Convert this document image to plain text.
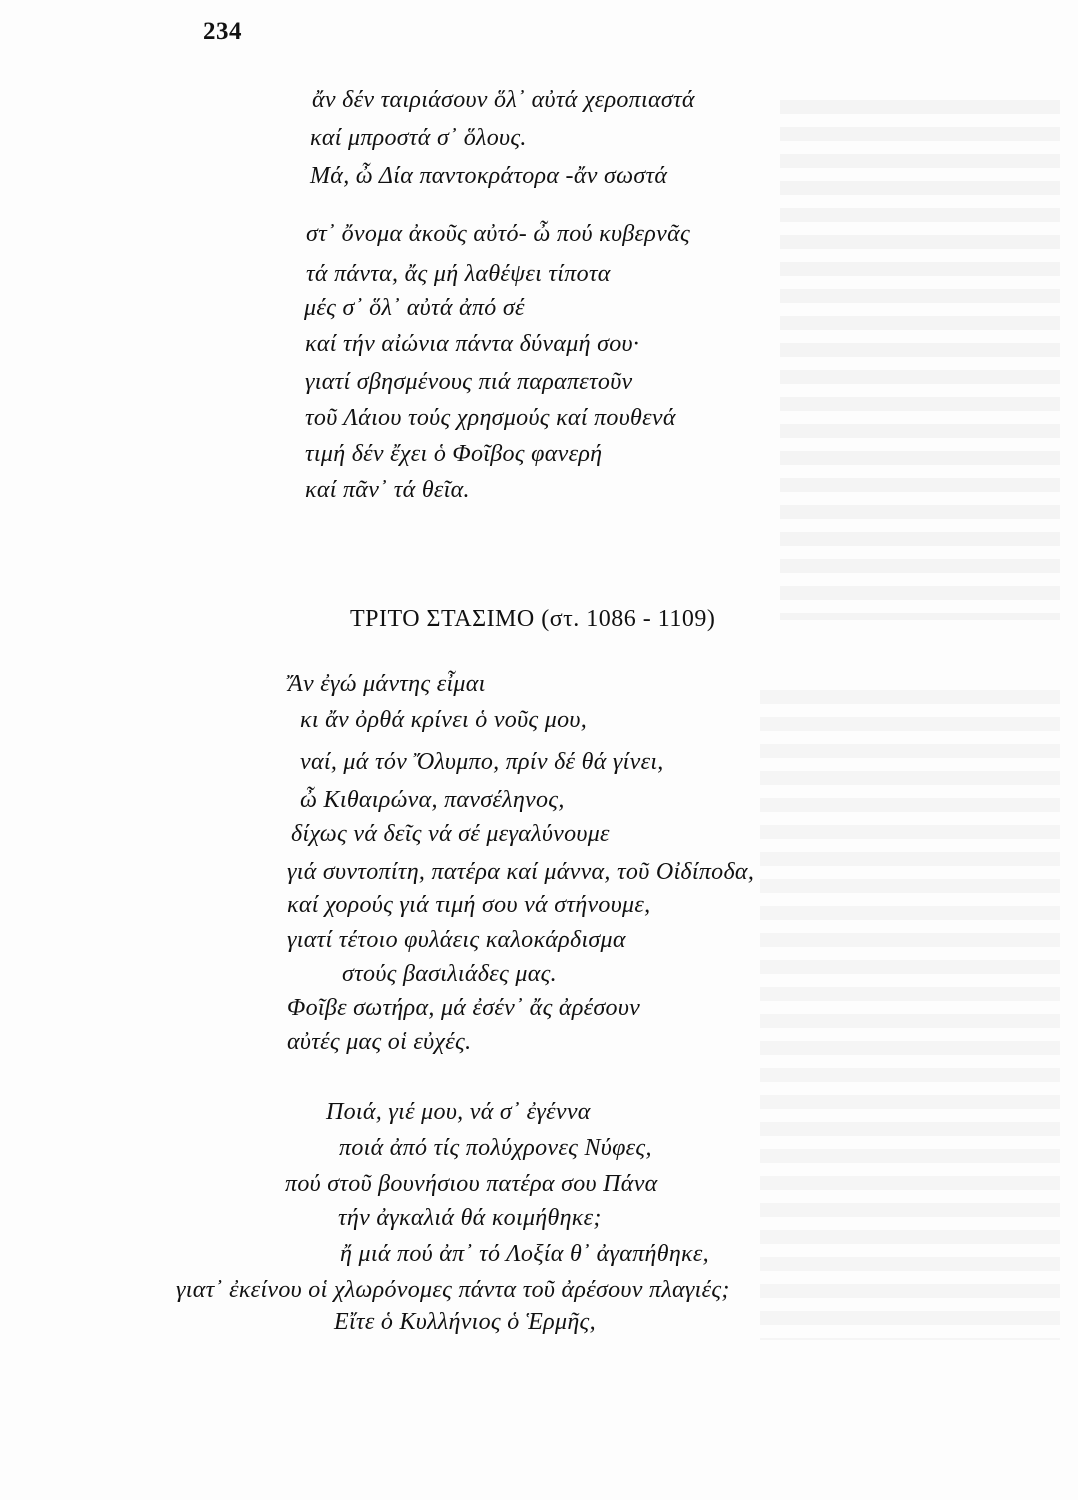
234
ἄν δέν ταιριάσουν ὅλ᾿ αὐτά χεροπιαστά
καί μπροστά σ᾿ ὅλους.
Μά, ὦ Δία παντοκράτορα -ἄν σωστά
στ᾿ ὄνομα ἀκοῦς αὐτό- ὦ πού κυβερνᾶς
τά πάντα, ἄς μή λαθέψει τίποτα
μές σ᾿ ὅλ᾿ αὐτά ἀπό σέ
καί τήν αἰώνια πάντα δύναμή σου·
γιατί σβησμένους πιά παραπετοῦν
τοῦ Λάιου τούς χρησμούς καί πουθενά
τιμή δέν ἔχει ὁ Φοῖβος φανερή
καί πᾶν᾿ τά θεῖα.
ΤΡΙΤΟ ΣΤΑΣΙΜΟ (στ. 1086 - 1109)
Ἄν ἐγώ μάντης εἶμαι
κι ἄν ὀρθά κρίνει ὁ νοῦς μου,
ναί, μά τόν Ὄλυμπο, πρίν δέ θά γίνει,
ὦ Κιθαιρώνα, πανσέληνος,
δίχως νά δεῖς νά σέ μεγαλύνουμε
γιά συντοπίτη, πατέρα καί μάννα, τοῦ Οἰδίποδα,
καί χορούς γιά τιμή σου νά στήνουμε,
γιατί τέτοιο φυλάεις καλοκάρδισμα
στούς βασιλιάδες μας.
Φοῖβε σωτήρα, μά ἐσέν᾿ ἄς ἀρέσουν
αὐτές μας οἱ εὐχές.
Ποιά, γιέ μου, νά σ᾿ ἐγέννα
ποιά ἀπό τίς πολύχρονες Νύφες,
πού στοῦ βουνήσιου πατέρα σου Πάνα
τήν ἀγκαλιά θά κοιμήθηκε;
ἤ μιά πού ἀπ᾿ τό Λοξία θ᾿ ἀγαπήθηκε,
γιατ᾿ ἐκείνου οἱ χλωρόνομες πάντα τοῦ ἀρέσουν πλαγιές;
Εἴτε ὁ Κυλλήνιος ὁ Ἑρμῆς,
